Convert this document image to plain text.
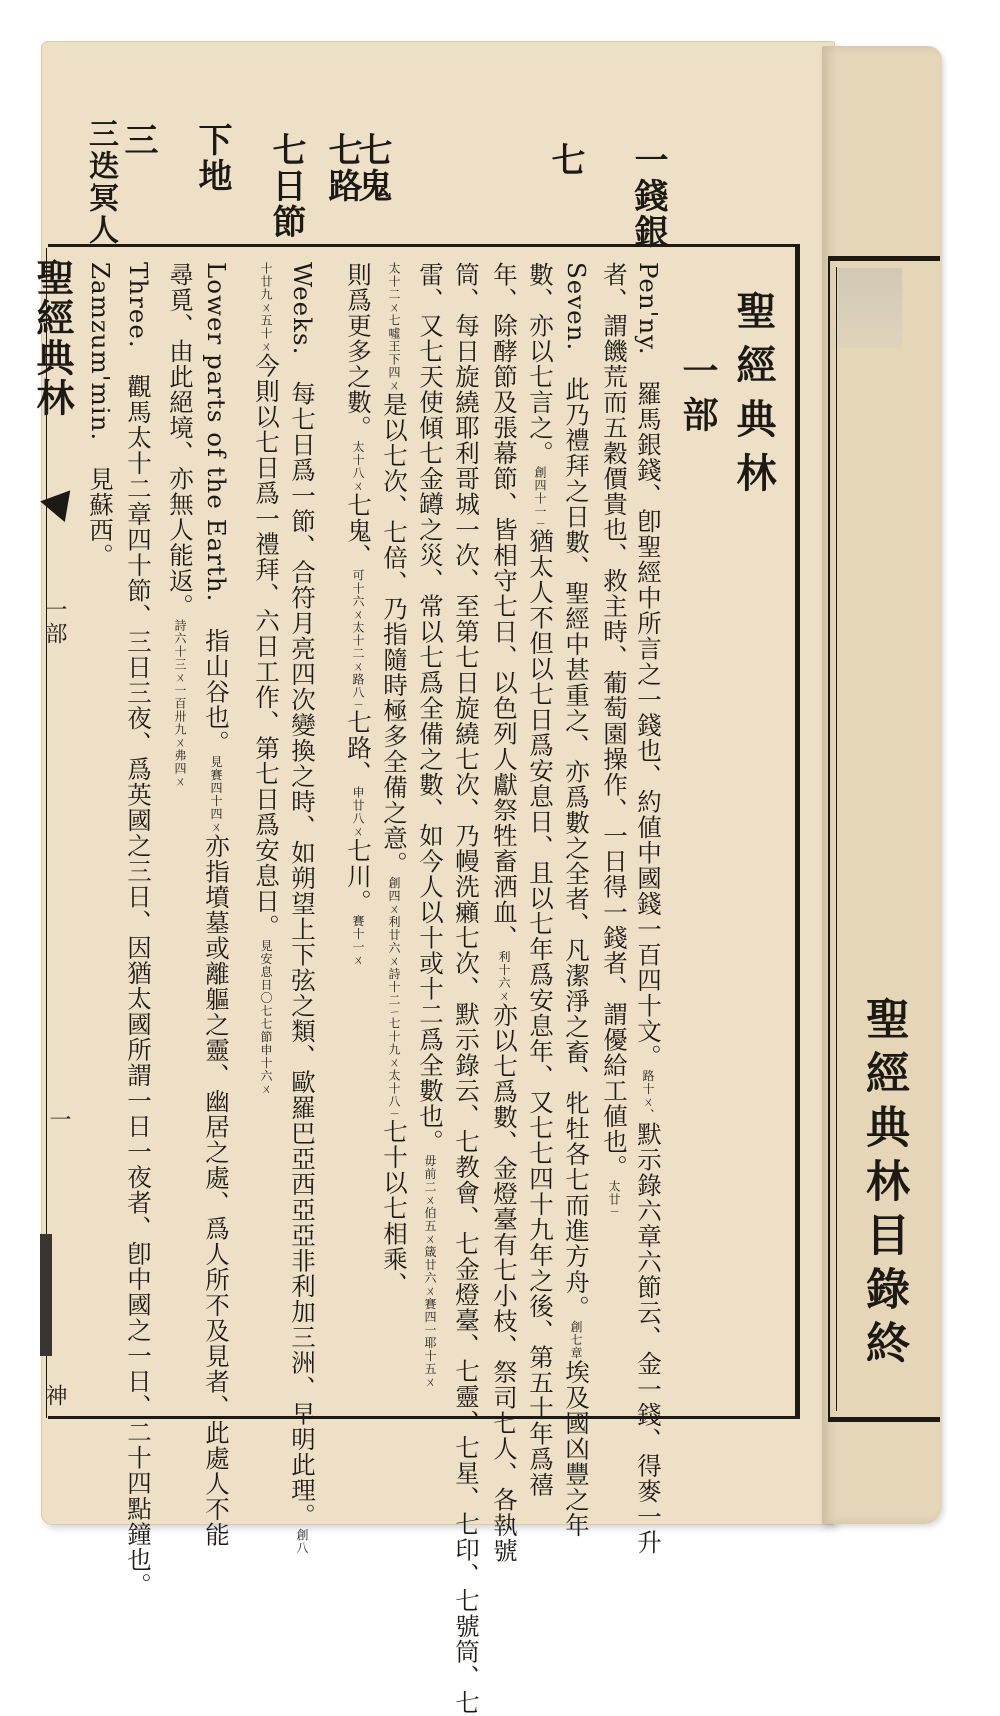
聖經典林目錄終
一錢銀
七
七鬼
七路
七日節
下地
三
三迭冥人
聖經典林
一部
Pen'ny.　羅馬銀錢、卽聖經中所言之一錢也、約値中國錢一百四十文。路十ㄨ、默示錄六章六節云、金一錢、得麥一升
者、謂饑荒而五穀價貴也、救主時、葡萄園操作、一日得一錢者、謂優給工値也。太廿ㄧ
Seven.　此乃禮拜之日數、聖經中甚重之、亦爲數之全者、凡潔淨之畜、牝牡各七而進方舟。創七章埃及國凶豐之年
數、亦以七言之。創四十一ㄧ猶太人不但以七日爲安息日、且以七年爲安息年、又七七四十九年之後、第五十年爲禧
年、除酵節及張幕節、皆相守七日、以色列人獻祭牲畜洒血、利十六ㄨ亦以七爲數、金燈臺有七小枝、祭司七人、各執號
筒、每日旋繞耶利哥城一次、至第七日旋繞七次、乃幔洗癩七次、默示錄云、七教會、七金燈臺、七靈、七星、七印、七號筒、七
雷、又七天使傾七金罇之災、常以七爲全備之數、如今人以十或十二爲全數也。毋前二ㄨ伯五ㄨ箴廿六ㄨ賽四一耶十五ㄨ
太十二ㄨ七噓王下四ㄨ是以七次、七倍、乃指隨時極多全備之意。創四ㄨ利廿六ㄨ詩十二ㄧ七十九ㄨ太十八ㄧ七十以七相乘、
則爲更多之數。太十八ㄨ七鬼、可十六ㄨ太十二ㄨ路八ㄧ七路、申廿八ㄨ七川。賽十一ㄨ
Weeks.　每七日爲一節、合符月亮四次變換之時、如朔望上下弦之類、歐羅巴亞西亞亞非利加三洲、早明此理。創八
十廿九ㄨ五十ㄨ今則以七日爲一禮拜、六日工作、第七日爲安息日。見安息日〇七七節申十六ㄨ
Lower parts of the Earth.　指山谷也。見賽四十四ㄨ亦指墳墓或離軀之靈、幽居之處、爲人所不及見者、此處人不能
尋覓、由此絕境、亦無人能返。詩六十三ㄨ一百卅九ㄨ弗四ㄨ
Three.　觀馬太十二章四十節、三日三夜、爲英國之三日、因猶太國所謂一日一夜者、卽中國之一日、二十四點鐘也。
Zamzum'min.　見蘇西。
聖經典林
一部
一
神
